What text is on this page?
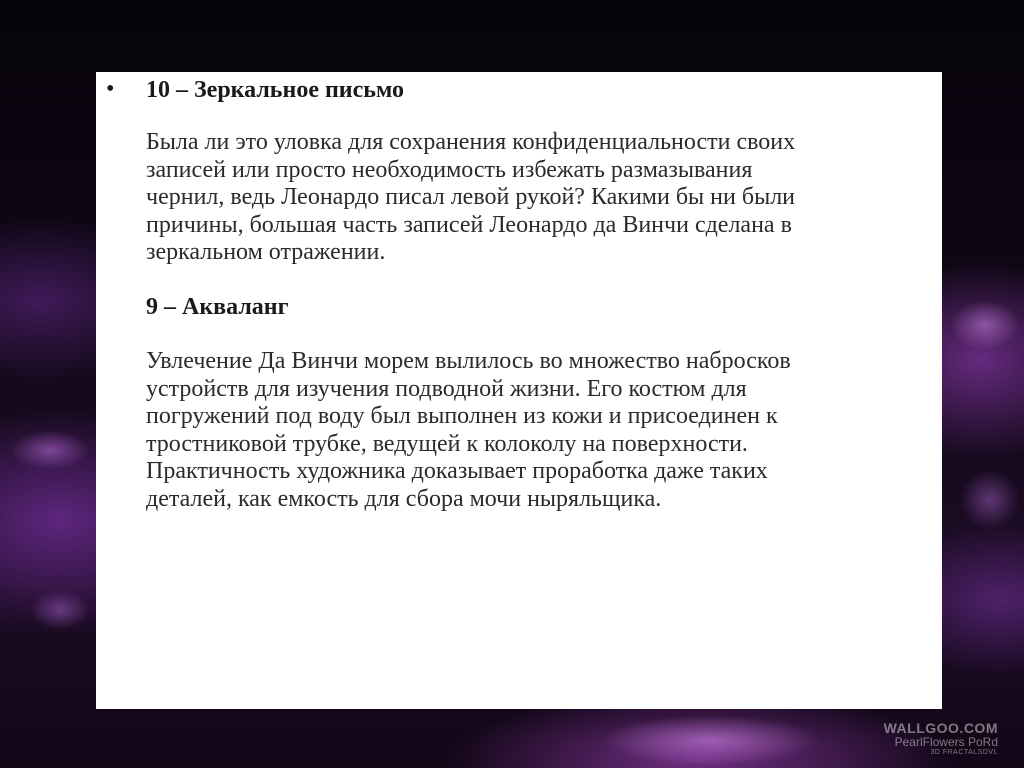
• 10 – Зеркальное письмо
Была ли это уловка для сохранения конфиденциальности своих
записей или просто необходимость избежать размазывания
чернил, ведь Леонардо писал левой рукой? Какими бы ни были
причины, большая часть записей Леонардо да Винчи сделана в
зеркальном отражении.
9 – Акваланг
Увлечение Да Винчи морем вылилось во множество набросков
устройств для изучения подводной жизни. Его костюм для
погружений под воду был выполнен из кожи и присоединен к
тростниковой трубке, ведущей к колоколу на поверхности.
Практичность художника доказывает проработка даже таких
деталей, как емкость для сбора мочи ныряльщика.
WALLGOO.COM
PearlFlowers PoRd
3D FRACTALSDVL
